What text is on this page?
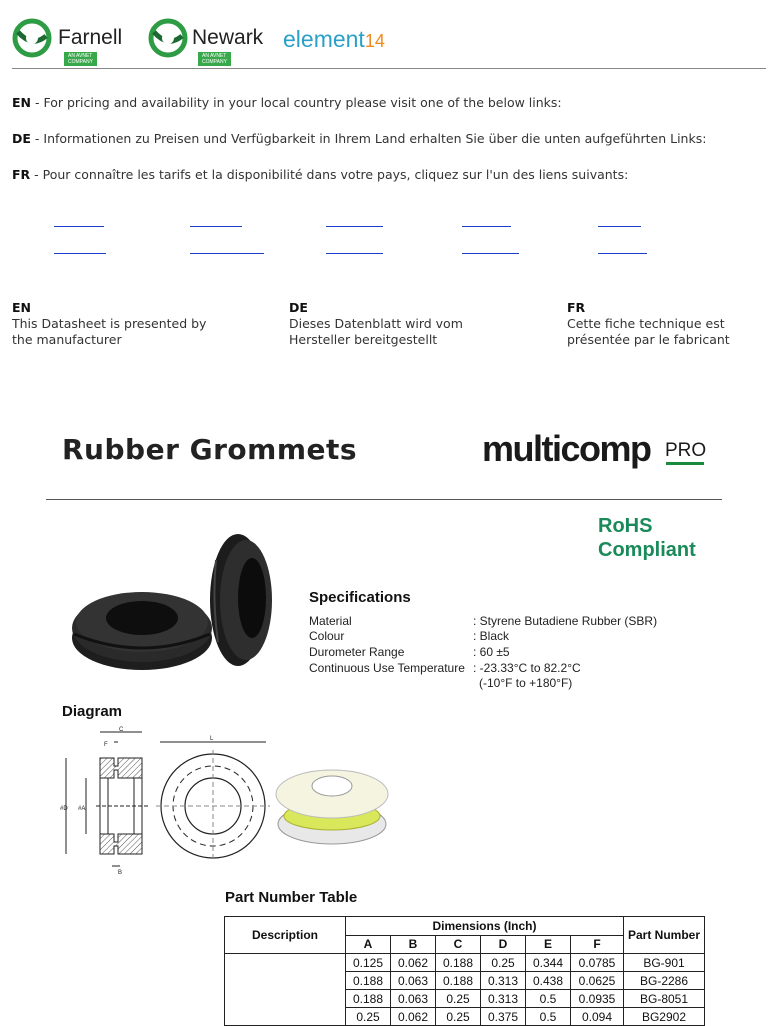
Farnell
AN AVNET COMPANY
Newark
AN AVNET COMPANY
element14
EN - For pricing and availability in your local country please visit one of the below links:
DE - Informationen zu Preisen und Verfügbarkeit in Ihrem Land erhalten Sie über die unten aufgeführten Links:
FR - Pour connaître les tarifs et la disponibilité dans votre pays, cliquez sur l'un des liens suivants:
EN
This Datasheet is presented by
the manufacturer
DE
Dieses Datenblatt wird vom
Hersteller bereitgestellt
FR
Cette fiche technique est
présentée par le fabricant
Rubber Grommets	multicomp PRO
RoHS
Compliant
Specifications
Material	: Styrene Butadiene Rubber (SBR)
Colour	: Black
Durometer Range	: 60 ±5
Continuous Use Temperature : -23.33°C to 82.2°C
(-10°F to +180°F)
Diagram
C
F
#D #A
B
L
Part Number Table
Description	Dimensions (Inch)						Part Number
	A	B	C	D	E	F	
	0.125	0.062	0.188	0.25	0.344	0.0785	BG-901
	0.188	0.063	0.188	0.313	0.438	0.0625	BG-2286
	0.188	0.063	0.25	0.313	0.5	0.0935	BG-8051
	0.25	0.062	0.25	0.375	0.5	0.094	BG2902
